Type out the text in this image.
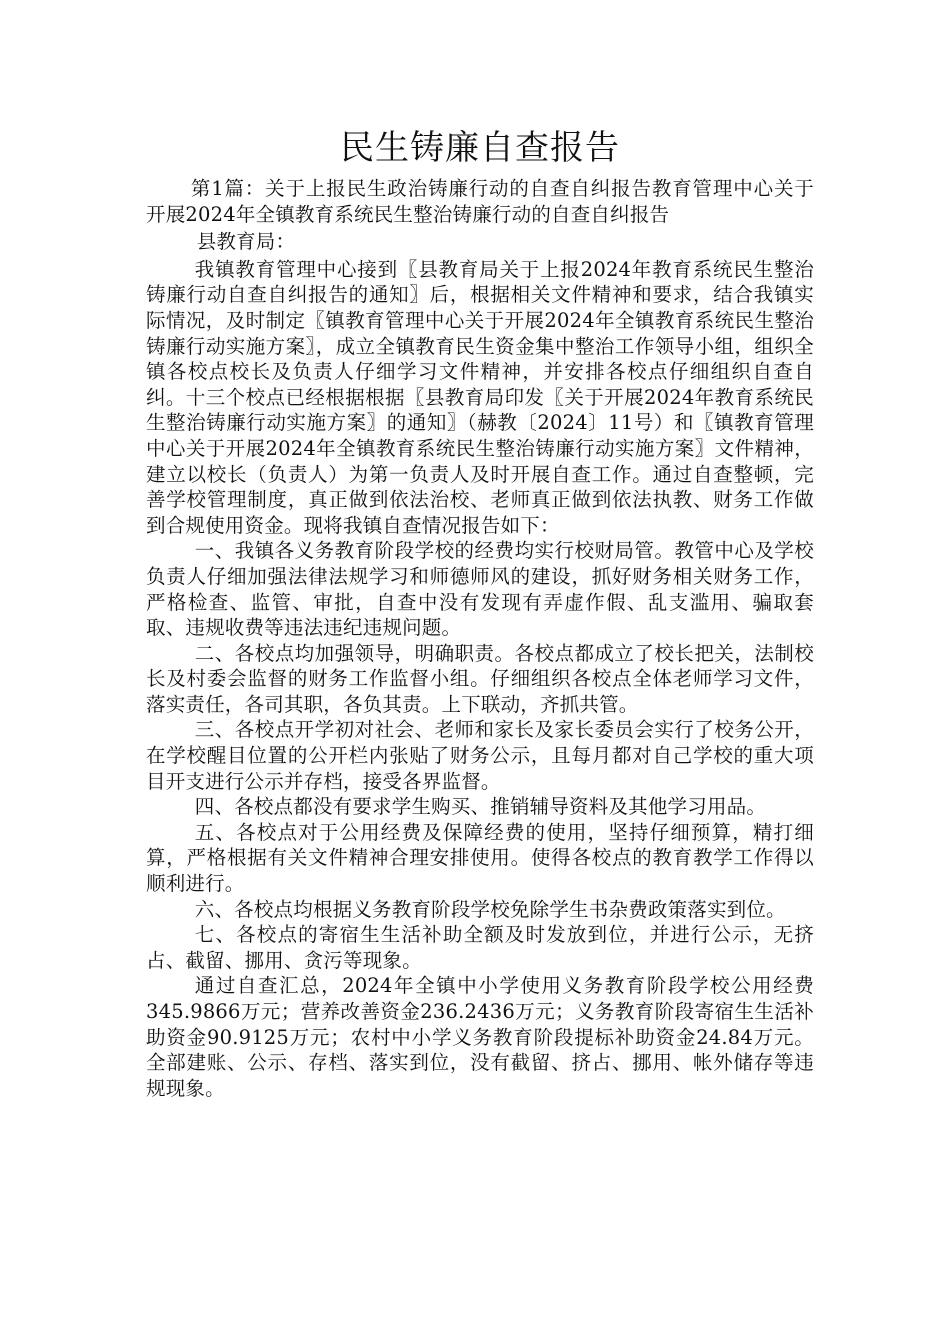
民生铸廉自查报告

第1篇：关于上报民生政治铸廉行动的自查自纠报告教育管理中心关于开展2024年全镇教育系统民生整治铸廉行动的自查自纠报告

县教育局：

我镇教育管理中心接到〖县教育局关于上报2024年教育系统民生整治铸廉行动自查自纠报告的通知〗后，根据相关文件精神和要求，结合我镇实际情况，及时制定〖镇教育管理中心关于开展2024年全镇教育系统民生整治铸廉行动实施方案〗，成立全镇教育民生资金集中整治工作领导小组，组织全镇各校点校长及负责人仔细学习文件精神，并安排各校点仔细组织自查自纠。十三个校点已经根据根据〖县教育局印发〖关于开展2024年教育系统民生整治铸廉行动实施方案〗的通知〗（赫教〔2024〕11号）和〖镇教育管理中心关于开展2024年全镇教育系统民生整治铸廉行动实施方案〗文件精神，建立以校长（负责人）为第一负责人及时开展自查工作。通过自查整顿，完善学校管理制度，真正做到依法治校、老师真正做到依法执教、财务工作做到合规使用资金。现将我镇自查情况报告如下：

一、我镇各义务教育阶段学校的经费均实行校财局管。教管中心及学校负责人仔细加强法律法规学习和师德师风的建设，抓好财务相关财务工作，严格检查、监管、审批，自查中没有发现有弄虚作假、乱支滥用、骗取套取、违规收费等违法违纪违规问题。

二、各校点均加强领导，明确职责。各校点都成立了校长把关，法制校长及村委会监督的财务工作监督小组。仔细组织各校点全体老师学习文件，落实责任，各司其职，各负其责。上下联动，齐抓共管。

三、各校点开学初对社会、老师和家长及家长委员会实行了校务公开，在学校醒目位置的公开栏内张贴了财务公示，且每月都对自己学校的重大项目开支进行公示并存档，接受各界监督。

四、各校点都没有要求学生购买、推销辅导资料及其他学习用品。

五、各校点对于公用经费及保障经费的使用，坚持仔细预算，精打细算，严格根据有关文件精神合理安排使用。使得各校点的教育教学工作得以顺利进行。

六、各校点均根据义务教育阶段学校免除学生书杂费政策落实到位。

七、各校点的寄宿生生活补助全额及时发放到位，并进行公示，无挤占、截留、挪用、贪污等现象。

通过自查汇总，2024年全镇中小学使用义务教育阶段学校公用经费345.9866万元；营养改善资金236.2436万元；义务教育阶段寄宿生生活补助资金90.9125万元；农村中小学义务教育阶段提标补助资金24.84万元。全部建账、公示、存档、落实到位，没有截留、挤占、挪用、帐外储存等违规现象。
